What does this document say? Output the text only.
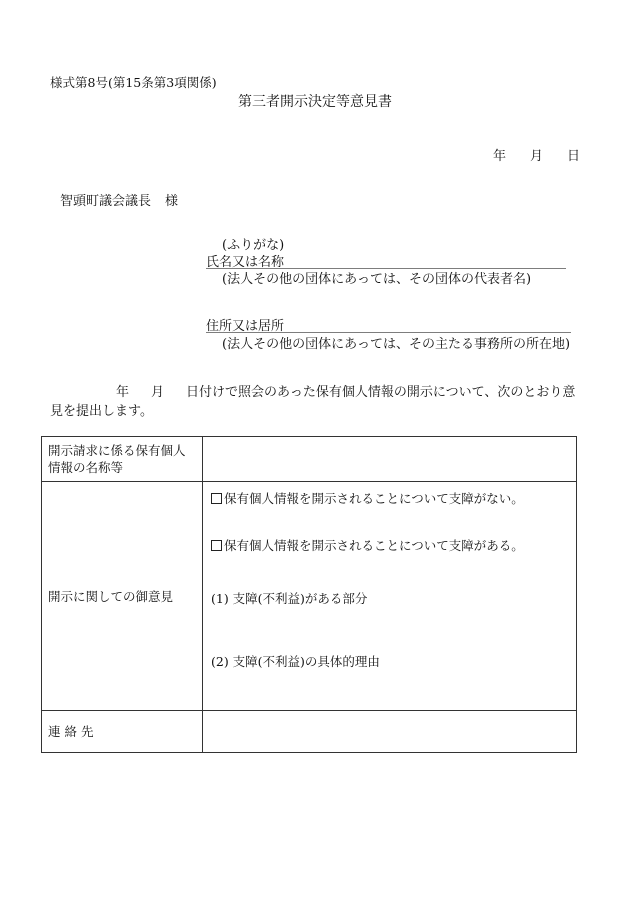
様式第8号(第15条第3項関係)
第三者開示決定等意見書
年 月 日
智頭町議会議長 様
(ふりがな)
氏名又は名称
(法人その他の団体にあっては、その団体の代表者名)
住所又は居所
(法人その他の団体にあっては、その主たる事務所の所在地)
年 月 日付けで照会のあった保有個人情報の開示について、次のとおり意見を提出します。
開示請求に係る保有個人情報の名称等	
開示に関しての御意見	保有個人情報を開示されることについて支障がない。
保有個人情報を開示されることについて支障がある。
(1) 支障(不利益)がある部分
(2) 支障(不利益)の具体的理由

連 絡 先	
